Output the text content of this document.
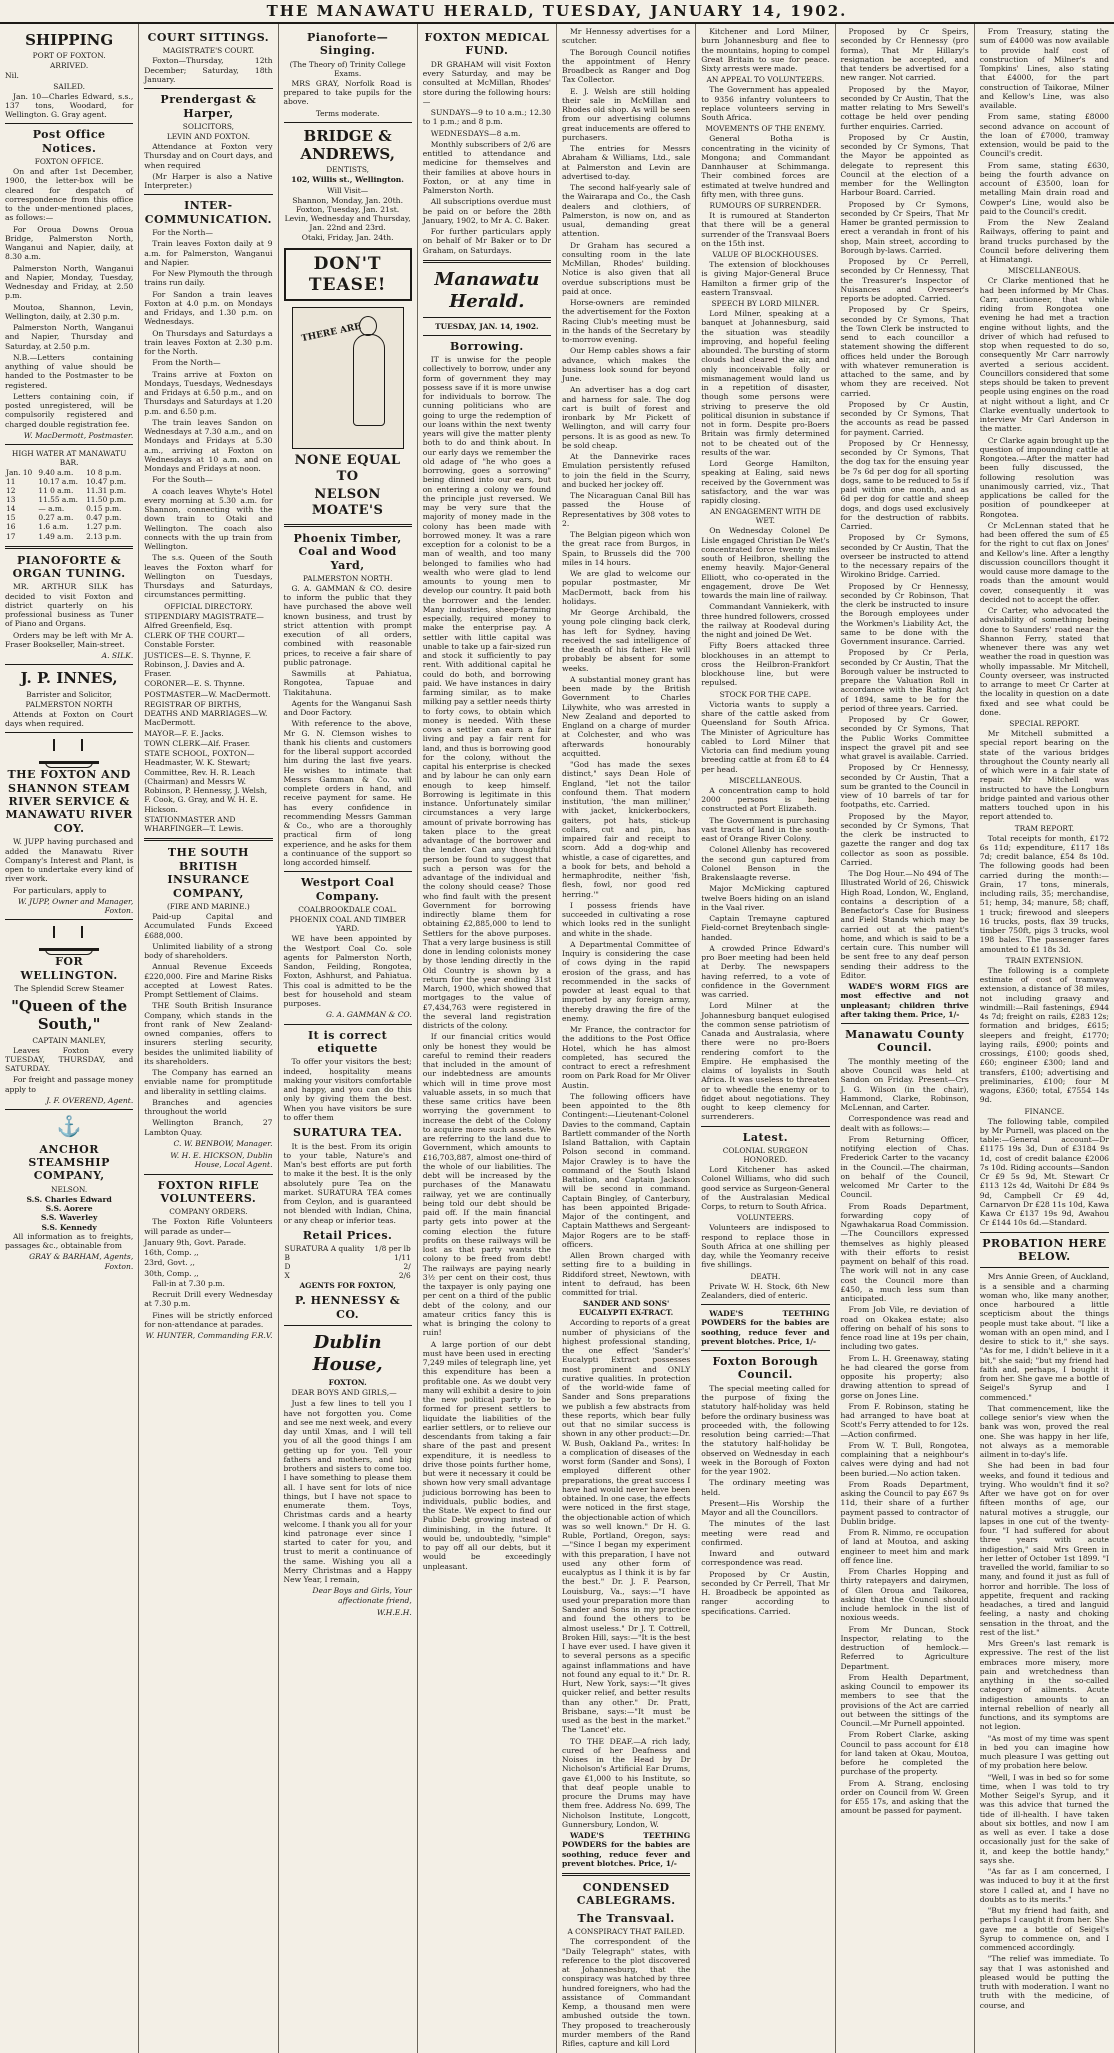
THE MANAWATU HERALD, TUESDAY, JANUARY 14, 1902.
SHIPPING
PORT OF FOXTON.
ARRIVED.
Nil.
SAILED.

Jan. 10—Charles Edward, s.s., 137 tons, Woodard, for Wellington. G. Gray agent.

Post Office Notices.
FOXTON OFFICE.

On and after 1st December, 1900, the letter-box will be cleared for despatch of correspondence from this office to the under-mentioned places, as follows:—

For Oroua Downs Oroua Bridge, Palmerston North, Wanganui and Napier, daily, at 8.30 a.m.

Palmerston North, Wanganui and Napier, Monday, Tuesday, Wednesday and Friday, at 2.50 p.m.

Moutoa, Shannon, Levin, Wellington, daily, at 2.30 p.m.

Palmerston North, Wanganui and Napier, Thursday and Saturday, at 2.50 p.m.

N.B.—Letters containing anything of value should be handed to the Postmaster to be registered.

Letters containing coin, if posted unregistered, will be compulsorily registered and charged double registration fee.

W. MacDermott, Postmaster.
HIGH WATER AT MANAWATU BAR.
Jan. 10	9.40 a.m.	10 8 p.m.
11	10.17 a.m.	10.47 p.m.
12	11 0 a.m.	11.31 p.m.
13	11.55 a.m.	11.50 p.m.
14	— a.m.	0.15 p.m.
15	0.27 a.m.	0.47 p.m.
16	1.6 a.m.	1.27 p.m.
17	1.49 a.m.	2.13 p.m.
PIANOFORTE & ORGAN TUNING.

MR. ARTHUR SILK has decided to visit Foxton and district quarterly on his professional business as Tuner of Piano and Organs.

Orders may be left with Mr A. Fraser Bookseller, Main-street.

A. SILK.
J. P. INNES,
Barrister and Solicitor,
PALMERSTON NORTH

Attends at Foxton on Court days when required.

THE FOXTON AND SHANNON STEAM RIVER SERVICE & MANAWATU RIVER COY.

W. JUPP having purchased and added the Manawatu River Company's Interest and Plant, is open to undertake every kind of river work.

For particulars, apply to

W. JUPP, Owner and Manager, Foxton.
FOR WELLINGTON.
The Splendid Screw Steamer
"Queen of the South,"
CAPTAIN MANLEY,

Leaves Foxton every TUESDAY, THURSDAY, and SATURDAY.

For freight and passage money apply to

J. F. OVEREND, Agent.
⚓
ANCHOR STEAMSHIP COMPANY,
NELSON.
S.S. Charles Edward
S.S. Aorere
S.S. Waverley
S.S. Kennedy

All information as to freights, passages &c., obtainable from

GRAY & BARHAM, Agents, Foxton.
COURT SITTINGS.
MAGISTRATE'S COURT.

Foxton—Thursday, 12th December; Saturday, 18th January.

Prendergast & Harper,
SOLICITORS,
LEVIN AND FOXTON.

Attendance at Foxton very Thursday and on Court days, and when required

(Mr Harper is also a Native Interpreter.)

INTER-COMMUNICATION.

For the North—

Train leaves Foxton daily at 9 a.m. for Palmerston, Wanganui and Napier.

For New Plymouth the through trains run daily.

For Sandon a train leaves Foxton at 4.0 p.m. on Mondays and Fridays, and 1.30 p.m. on Wednesdays.

On Thursdays and Saturdays a train leaves Foxton at 2.30 p.m. for the North.

From the North—

Trains arrive at Foxton on Mondays, Tuesdays, Wednesdays and Fridays at 6.50 p.m., and on Thursdays and Saturdays at 1.20 p.m. and 6.50 p.m.

The train leaves Sandon on Wednesdays at 7.30 a.m., and on Mondays and Fridays at 5.30 a.m., arriving at Foxton on Wednesdays at 10 a.m. and on Mondays and Fridays at noon.

For the South—

A coach leaves Whyte's Hotel every morning at 5.30 a.m. for Shannon, connecting with the down train to Otaki and Wellington. The coach also connects with the up train from Wellington.

The s.s. Queen of the South leaves the Foxton wharf for Wellington on Tuesdays, Thursdays and Saturdays, circumstances permitting.

OFFICIAL DIRECTORY.
STIPENDIARY MAGISTRATE—Alfred Greenfield, Esq.
CLERK OF THE COURT—Constable Forster.
JUSTICES—E. S. Thynne, F. Robinson, J. Davies and A. Fraser.
CORONER—E. S. Thynne.
POSTMASTER—W. MacDermott.
REGISTRAR OF BIRTHS, DEATHS AND MARRIAGES—W. MacDermott.
MAYOR—F. E. Jacks.
TOWN CLERK—Alf. Fraser.
STATE SCHOOL, FOXTON—Headmaster, W. K. Stewart; Committee, Rev. H. R. Leach (Chairman) and Messrs W. Robinson, P. Hennessy, J. Welsh, F. Cook, G. Gray, and W. H. E. Hickson.
STATIONMASTER AND WHARFINGER—T. Lewis.
THE SOUTH BRITISH INSURANCE COMPANY,
(FIRE AND MARINE.)

Paid-up Capital and Accumulated Funds Exceed £688,000.

Unlimited liability of a strong body of shareholders.

Annual Revenue Exceeds £220,000. Fire and Marine Risks accepted at Lowest Rates. Prompt Settlement of Claims.

THE South British Insurance Company, which stands in the front rank of New Zealand-owned companies, offers to insurers sterling security, besides the unlimited liability of its shareholders.

The Company has earned an enviable name for promptitude and liberality in settling claims.

Branches and agencies throughout the world

Wellington Branch, 27 Lambton Quay.

C. W. BENBOW, Manager.
W. H. E. HICKSON, Dublin House, Local Agent.
FOXTON RIFLE VOLUNTEERS.
COMPANY ORDERS.

The Foxton Rifle Volunteers will parade as under—

January 9th, Govt. Parade.
16th, Comp. ,,
23rd, Govt. ,,
30th, Comp. ,,

Fall-in at 7.30 p.m.

Recruit Drill every Wednesday at 7.30 p.m.

Fines will be strictly enforced for non-attendance at parades.

W. HUNTER, Commanding F.R.V.
Pianoforte—Singing.
(The Theory of) Trinity College Exams.

MRS GRAY, Norfolk Road is prepared to take pupils for the above.

Terms moderate.
BRIDGE & ANDREWS,
DENTISTS,
102, Willis st., Wellington.
Will Visit—
Shannon, Monday, Jan. 20th.
Foxton, Tuesday, Jan. 21st.
Levin, Wednesday and Thursday, Jan. 22nd and 23rd.
Otaki, Friday, Jan. 24th.
DON'T TEASE!
THERE ARE
NONE EQUAL TO
NELSON MOATE'S
Phoenix Timber, Coal and Wood Yard,
PALMERSTON NORTH.

G. A. GAMMAN & CO. desire to inform the public that they have purchased the above well known business, and trust by strict attention with prompt execution of all orders, combined with reasonable prices, to receive a fair share of public patronage.

Sawmills at Pahiatua, Rongotea, Tapuae and Tiakitahuna.

Agents for the Wanganui Sash and Door Factory.

With reference to the above, Mr G. N. Clemson wishes to thank his clients and customers for the liberal support accorded him during the last five years. He wishes to intimate that Messrs Gamman & Co. will complete orders in hand, and receive payment for same. He has every confidence in recommending Messrs Gamman & Co., who are a thoroughly practical firm of long experience, and he asks for them a continuance of the support so long accorded himself.

Westport Coal Company.
COALBROOKDALE COAL.
PHOENIX COAL AND TIMBER YARD.

WE have been appointed by the Westport Coal Co. sole agents for Palmerston North, Sandon, Feilding, Rongotea, Foxton, Ashhurst, and Pahiatua. This coal is admitted to be the best for household and steam purposes.

G. A. GAMMAN & CO.
It is correct etiquette

To offer your visitors the best; indeed, hospitality means making your visitors comfortable and happy, and you can do this only by giving them the best. When you have visitors be sure to offer them

SURATURA TEA.

It is the best. From its origin to your table, Nature's and Man's best efforts are put forth to make it the best. It is the only absolutely pure Tea on the market. SURATURA TEA comes from Ceylon, and is guaranteed not blended with Indian, China, or any cheap or inferior teas.

Retail Prices.
SURATURA A quality	1/8 per lb
B	1/11
D	2/
X	2/6
AGENTS FOR FOXTON,
P. HENNESSY & CO.
Dublin House,
FOXTON.

DEAR BOYS AND GIRLS,—

Just a few lines to tell you I have not forgotten you. Come and see me next week, and every day until Xmas, and I will tell you of all the good things I am getting up for you. Tell your fathers and mothers, and big brothers and sisters to come too. I have something to please them all. I have sent for lots of nice things, but I have not space to enumerate them. Toys, Christmas cards and a hearty welcome. I thank you all for your kind patronage ever since I started to cater for you, and trust to merit a continuance of the same. Wishing you all a Merry Christmas and a Happy New Year, I remain,

Dear Boys and Girls, Your affectionate friend,
W.H.E.H.
FOXTON MEDICAL FUND.

DR GRAHAM will visit Foxton every Saturday, and may be consulted at McMillan, Rhodes' store during the following hours:—

SUNDAYS—9 to 10 a.m.; 12.30 to 1 p.m.; and 8 p.m.

WEDNESDAYS—8 a.m.

Monthly subscribers of 2/6 are entitled to attendance and medicine for themselves and their families at above hours in Foxton, or at any time in Palmerston North.

All subscriptions overdue must be paid on or before the 28th January, 1902, to Mr A. C. Baker.

For further particulars apply on behalf of Mr Baker or to Dr Graham, on Saturdays.

Manawatu Herald.
TUESDAY, JAN. 14, 1902.
Borrowing.

IT is unwise for the people collectively to borrow, under any form of government they may possess save if it is more unwise for individuals to borrow. The cunning politicians who are going to urge the redemption of our loans within the next twenty years will give the matter plenty both to do and think about. In our early days we remember the old adage of "he who goes a borrowing, goes a sorrowing" being dinned into our ears, but on entering a colony we found the principle just reversed. We may be very sure that the majority of money made in the colony has been made with borrowed money. It was a rare exception for a colonist to be a man of wealth, and too many belonged to families who had wealth who were glad to lend amounts to young men to develop our country. It paid both the borrower and the lender. Many industries, sheep-farming especially, required money to make the enterprise pay. A settler with little capital was unable to take up a fair-sized run and stock it sufficiently to pay rent. With additional capital he could do both, and borrowing paid. We have instances in dairy farming similar, as to make milking pay a settler needs thirty to forty cows, to obtain which money is needed. With these cows a settler can earn a fair living and pay a fair rent for land, and thus is borrowing good for the colony, without the capital his enterprise is checked and by labour he can only earn enough to keep himself. Borrowing is legitimate in this instance. Unfortunately similar circumstances a very large amount of private borrowing has taken place to the great advantage of the borrower and the lender. Can any thoughtful person be found to suggest that such a person was for the advantage of the individual and the colony should cease? Those who find fault with the present Government for borrowing indirectly blame them for obtaining £2,885,000 to lend to Settlers for the above purposes. That a very large business is still done in lending colonists money by those lending directly in the Old Country is shown by a return for the year ending 31st March, 1900, which showed that mortgages to the value of £7,434,763 were registered in the several land registration districts of the colony.

If our financial critics would only be honest they would be careful to remind their readers that included in the amount of our indebtedness are amounts which will in time prove most valuable assets, in so much that these same critics have been worrying the government to increase the debt of the Colony to acquire more such assets. We are referring to the land due to Government, which amounts to £16,703,887, almost one-third of the whole of our liabilities. The debt will be increased by the purchases of the Manawatu railway, yet we are continually being told our debt should be paid off. If the main financial party gets into power at the coming election the future profits on these railways will be lost as that party wants the colony to be freed from debt! The railways are paying nearly 3½ per cent on their cost, thus the taxpayer is only paying one per cent on a third of the public debt of the colony, and our amateur critics fancy this is what is bringing the colony to ruin!

A large portion of our debt must have been used in erecting 7,249 miles of telegraph line, yet this expenditure has been a profitable one. As we doubt very many will exhibit a desire to join the new political party to be formed for present settlers to liquidate the liabilities of the earlier settlers, or to relieve our descendants from taking a fair share of the past and present expenditure, it is needless to drive those points further home, but were it necessary it could be shown how very small advantage judicious borrowing has been to individuals, public bodies, and the State. We expect to find our Public Debt growing instead of diminishing, in the future. It would be, undoubtedly, "simple" to pay off all our debts, but it would be exceedingly unpleasant.

Mr Hennessy advertises for a scutcher.

The Borough Council notifies the appointment of Henry Broadbeck as Ranger and Dog Tax Collector.

E. J. Welsh are still holding their sale in McMillan and Rhodes old shop. As will be seen from our advertising columns great inducements are offered to purchasers.

The entries for Messrs Abraham & Williams, Ltd., sale at Palmerston and Levin are advertised to-day.

The second half-yearly sale of the Wairarapa and Co., the Cash dealers and clothiers, of Palmerston, is now on, and as usual, demanding great attention.

Dr Graham has secured a consulting room in the late McMillan, Rhodes' building. Notice is also given that all overdue subscriptions must be paid at once.

Horse-owners are reminded the advertisement for the Foxton Racing Club's meeting must be in the hands of the Secretary by to-morrow evening.

Our Hemp cables shows a fair advance, which makes the business look sound for beyond June.

An advertiser has a dog cart and harness for sale. The dog cart is built of forest and ironbark by Mr Pickett of Wellington, and will carry four persons. It is as good as new. To be sold cheap.

At the Dannevirke races Emulation persistently refused to join the field in the Scurry, and bucked her jockey off.

The Nicaraguan Canal Bill has passed the House of Representatives by 308 votes to 2.

The Belgian pigeon which won the great race from Burgos, in Spain, to Brussels did the 700 miles in 14 hours.

We are glad to welcome our popular postmaster, Mr MacDermott, back from his holidays.

Mr George Archibald, the young pole clinging back clerk, has left for Sydney, having received the sad intelligence of the death of his father. He will probably be absent for some weeks.

A substantial money grant has been made by the British Government to Charles Lilywhite, who was arrested in New Zealand and deported to England on a charge of murder at Colchester, and who was afterwards honourably acquitted.

"God has made the sexes distinct," says Dean Hole of England, "let not the tailor confound them. That modern institution, 'the man milliner,' with jacket, knickerbockers, gaiters, pot hats, stick-up collars, cut and pin, has impaired fair and receipt to scorn. Add a dog-whip and whistle, a case of cigarettes, and a book for bets, and behold a hermaphrodite, neither 'fish, flesh, fowl, nor good red herring.'"

I possess friends have succeeded in cultivating a rose which looks red in the sunlight and white in the shade.

A Departmental Committee of Inquiry is considering the case of cows dying in the rapid erosion of the grass, and has recommended in the sacks of powder at least equal to that imported by any foreign army, thereby drawing the fire of the enemy.

Mr France, the contractor for the additions to the Post Office Hotel, which he has almost completed, has secured the contract to erect a refreshment room on Park Road for Mr Oliver Austin.

The following officers have been appointed to the 8th Contingent:—Lieutenant-Colonel Davies to the command, Captain Bartlett commander of the North Island Battalion, with Captain Polson second in command. Major Crawley is to have the command of the South Island Battalion, and Captain Jackson will be second in command. Captain Bingley, of Canterbury, has been appointed Brigade-Major of the contingent, and Captain Matthews and Sergeant-Major Rogers are to be staff-officers.

Allen Brown charged with setting fire to a building in Riddiford street, Newtown, with intent to defraud, has been committed for trial.

SANDER AND SONS' EUCALYPTI EX-TRACT.

According to reports of a great number of physicians of the highest professional standing, the one effect 'Sander's' Eucalypti Extract possesses most prominent and ONLY curative qualities. In protection of the world-wide fame of Sander and Sons preparations we publish a few abstracts from these reports, which bear fully out that no similar success is shown in any other product:—Dr. W. Bush, Oakland Pa., writes: In a complication of diseases of the worst form (Sander and Sons), I employed different other preparations, the great success I have had would never have been obtained. In one case, the effects were noticed in the first stage, the objectionable action of which was so well known." Dr H. G. Ruble, Portland, Oregon, says:—"Since I began my experiment with this preparation, I have not used any other form of eucalyptus as I think it is by far the best." Dr. J. F. Pearson, Louisburg, Va., says:—"I have used your preparation more than Sander and Sons in my practice and found the others to be almost useless." Dr J. T. Cottrell, Broken Hill, says:—"It is the best I have ever used. I have given it to several persons as a specific against inflammations and have not found any equal to it." Dr. R. Hurt, New York, says:—"It gives quicker relief, and better results than any other." Dr. Pratt, Brisbane, says:—"It must be used as the best in the market." The 'Lancet' etc.

TO THE DEAF.—A rich lady, cured of her Deafness and Noises in the Head by Dr Nicholson's Artificial Ear Drums, gave £1,000 to his Institute, so that deaf people unable to procure the Drums may have them free. Address No. 699, The Nicholson Institute, Longcott, Gunnersbury, London, W.

WADE'S TEETHING POWDERS for the babies are soothing, reduce fever and prevent blotches. Price, 1/-

CONDENSED CABLEGRAMS.
The Transvaal.
A CONSPIRACY THAT FAILED.

The correspondent of the "Daily Telegraph" states, with reference to the plot discovered at Johannesburg, that the conspiracy was hatched by three hundred foreigners, who had the assistance of Commandant Kemp, a thousand men were ambushed outside the town. They proposed to treacherously murder members of the Rand Rifles, capture and kill Lord

Kitchener and Lord Milner, burn Johannesburg and flee to the mountains, hoping to compel Great Britain to sue for peace. Sixty arrests were made.

AN APPEAL TO VOLUNTEERS.

The Government has appealed to 9356 infantry volunteers to replace volunteers serving in South Africa.

MOVEMENTS OF THE ENEMY.

General Botha is concentrating in the vicinity of Mongona; and Commandant Dannhauser at Schimmanga. Their combined forces are estimated at twelve hundred and fifty men, with three guns.

RUMOURS OF SURRENDER.

It is rumoured at Standerton that there will be a general surrender of the Transvaal Boers on the 15th inst.

VALUE OF BLOCKHOUSES.

The extension of blockhouses is giving Major-General Bruce Hamilton a firmer grip of the eastern Transvaal.

SPEECH BY LORD MILNER.

Lord Milner, speaking at a banquet at Johannesburg, said the situation was steadily improving, and hopeful feeling abounded. The bursting of storm clouds had cleared the air, and only inconceivable folly or mismanagement would land us in a repetition of disaster, though some persons were striving to preserve the old political disunion in substance if not in form. Despite pro-Boers Britain was firmly determined not to be cheated out of the results of the war.

Lord George Hamilton, speaking at Ealing, said news received by the Government was satisfactory, and the war was rapidly closing.

AN ENGAGEMENT WITH DE WET.

On Wednesday Colonel De Lisle engaged Christian De Wet's concentrated force twenty miles south of Heilbron, shelling the enemy heavily. Major-General Elliott, who co-operated in the engagement, drove De Wet towards the main line of railway.

Commandant Vanniekerk, with three hundred followers, crossed the railway at Roodeval during the night and joined De Wet.

Fifty Boers attacked three blockhouses in an attempt to cross the Heilbron-Frankfort blockhouse line, but were repulsed.

STOCK FOR THE CAPE.

Victoria wants to supply a share of the cattle asked from Queensland for South Africa. The Minister of Agriculture has cabled to Lord Milner that Victoria can find medium young breeding cattle at from £8 to £4 per head.

MISCELLANEOUS.

A concentration camp to hold 2000 persons is being constructed at Port Elizabeth.

The Government is purchasing vast tracts of land in the south-east of Orange River Colony.

Colonel Allenby has recovered the second gun captured from Colonel Benson in the Brakenslaagte reverse.

Major McMicking captured twelve Boers hiding on an island in the Vaal river.

Captain Tremayne captured Field-cornet Breytenbach single-handed.

A crowded Prince Edward's pro Boer meeting had been held at Derby. The newspapers having referred, to a vote of confidence in the Government was carried.

Lord Milner at the Johannesburg banquet eulogised the common sense patriotism of Canada and Australasia, where there were no pro-Boers rendering comfort to the Empire. He emphasised the claims of loyalists in South Africa. It was useless to threaten or to wheedle the enemy or to fidget about negotiations. They ought to keep clemency for surrenderers.

Latest.
COLONIAL SURGEON HONORED.

Lord Kitchener has asked Colonel Williams, who did such good service as Surgeon-General of the Australasian Medical Corps, to return to South Africa.

VOLUNTEERS.

Volunteers are indisposed to respond to replace those in South Africa at one shilling per day, while the Yeomanry receive five shillings.

DEATH.

Private W. H. Stock, 6th New Zealanders, died of enteric.

WADE'S TEETHING POWDERS for the babies are soothing, reduce fever and prevent blotches. Price, 1/-

Foxton Borough Council.

The special meeting called for the purpose of fixing the statutory half-holiday was held before the ordinary business was proceeded with, the following resolution being carried:—That the statutory half-holiday be observed on Wednesday in each week in the Borough of Foxton for the year 1902.

The ordinary meeting was held.

Present—His Worship the Mayor and all the Councillors.

The minutes of the last meeting were read and confirmed.

Inward and outward correspondence was read.

Proposed by Cr Austin, seconded by Cr Perrell, That Mr H. Broadbeck be appointed as ranger according to specifications. Carried.

Proposed by Cr Speirs, seconded by Cr Hennessy (pro forma), That Mr Hillary's resignation be accepted, and that tenders be advertised for a new ranger. Not carried.

Proposed by the Mayor, seconded by Cr Austin, That the matter relating to Mrs Sewell's cottage be held over pending further enquiries. Carried.

Proposed by Cr Austin, seconded by Cr Symons, That the Mayor be appointed as delegate to represent this Council at the election of a member for the Wellington Harbour Board. Carried.

Proposed by Cr Symons, seconded by Cr Speirs, That Mr Hamer be granted permission to erect a verandah in front of his shop, Main street, according to Borough by-laws. Carried.

Proposed by Cr Perrell, seconded by Cr Hennessy, That the Treasurer's Inspector of Nuisances and Overseer's reports be adopted. Carried.

Proposed by Cr Speirs, seconded by Cr Symons, That the Town Clerk be instructed to send to each councillor a statement showing the different offices held under the Borough with whatever remuneration is attached to the same, and by whom they are received. Not carried.

Proposed by Cr Austin, seconded by Cr Symons, That the accounts as read be passed for payment. Carried.

Proposed by Cr Hennessy, seconded by Cr Symons, That the dog tax for the ensuing year be 7s 6d per dog for all sporting dogs, same to be reduced to 5s if paid within one month, and as 6d per dog for cattle and sheep dogs, and dogs used exclusively for the destruction of rabbits. Carried.

Proposed by Cr Symons, seconded by Cr Austin, That the overseer be instructed to attend to the necessary repairs of the Wirokino Bridge. Carried.

Proposed by Cr Hennessy, seconded by Cr Robinson, That the clerk be instructed to insure the Borough employees under the Workmen's Liability Act, the same to be done with the Government insurance. Carried.

Proposed by Cr Perla, seconded by Cr Austin, That the Borough valuer be instructed to prepare the Valuation Roll in accordance with the Rating Act of 1894, same to be for the period of three years. Carried.

Proposed by Cr Gower, seconded by Cr Symons, That the Public Works Committee inspect the gravel pit and see what gravel is available. Carried.

Proposed by Cr Hennessy, seconded by Cr Austin, That a sum be granted to the Council in view of 10 barrels of tar for footpaths, etc. Carried.

Proposed by the Mayor, seconded by Cr Symons, That the clerk be instructed to gazette the ranger and dog tax collector as soon as possible. Carried.

The Dog Hour.—No 494 of The Illustrated World of 26, Chiswick High Road, London, W., England, contains a description of a Benefactor's Case for Business and Field Stands which may be carried out at the patient's home, and which is said to be a certain cure. This number will be sent free to any deaf person sending their address to the Editor.

WADE'S WORM FIGS are most effective and not unpleasant; children thrive after taking them. Price, 1/-

Manawatu County Council.

The monthly meeting of the above Council was held at Sandon on Friday. Present—Crs J. G. Wilson (in the chair), Hammond, Clarke, Robinson, McLennan, and Carter.

Correspondence was read and dealt with as follows:—

From Returning Officer, notifying election of Chas. Frederick Carter to the vacancy in the Council.—The chairman, on behalf of the Council, welcomed Mr Carter to the Council.

From Roads Department, forwarding copy of Ngawhakarua Road Commission.—The Councillors expressed themselves as highly pleased with their efforts to resist payment on behalf of this road. The work will not in any case cost the Council more than £450, a much less sum than anticipated.

From Job Vile, re deviation of road on Okakea estate; also offering on behalf of his sons to fence road line at 19s per chain, including two gates.

From L. H. Greenaway, stating he had cleared the gorse from opposite his property; also drawing attention to spread of gorse on Jones Line.

From F. Robinson, stating he had arranged to have boat at Scott's Ferry attended to for 12s.—Action confirmed.

From W. T. Bull, Rongotea, complaining that a neighbour's calves were dying and had not been buried.—No action taken.

From Roads Department, asking the Council to pay £67 9s 11d, their share of a further payment passed to contractor of Dublin bridge.

From R. Nimmo, re occupation of land at Moutoa, and asking engineer to meet him and mark off fence line.

From Charles Hopping and thirty ratepayers and dairymen, of Glen Oroua and Taikorea, asking that the Council should include hemlock in the list of noxious weeds.

From Mr Duncan, Stock Inspector, relating to the destruction of hemlock.—Referred to Agriculture Department.

From Health Department, asking Council to empower its members to see that the provisions of the Act are carried out between the sittings of the Council.—Mr Purnell appointed.

From Robert Clarke, asking Council to pass account for £18 for land taken at Okau, Moutoa, before he completed the purchase of the property.

From A. Strang, enclosing order on Council from W. Green for £55 17s, and asking that the amount be passed for payment.

From Treasury, stating the sum of £4000 was now available to provide half cost of construction of Milner's and Tompkins' Lines, also stating that £4000, for the part construction of Taikorae, Milner and Kellow's Line, was also available.

From same, stating £8000 second advance on account of the loan of £7000, tramway extension, would be paid to the Council's credit.

From same, stating £630, being the fourth advance on account of £3500, loan for metalling Main drain road and Cowper's Line, would also be paid to the Council's credit.

From the New Zealand Railways, offering to paint and brand trucks purchased by the Council before delivering them at Himatangi.

MISCELLANEOUS.

Cr Clarke mentioned that he had been informed by Mr Chas. Carr, auctioneer, that while riding from Rongotea one evening he had met a traction engine without lights, and the driver of which had refused to stop when requested to do so, consequently Mr Carr narrowly averted a serious accident. Councillors considered that some steps should be taken to prevent people using engines on the road at night without a light, and Cr Clarke eventually undertook to interview Mr Carl Anderson in the matter.

Cr Clarke again brought up the question of impounding cattle at Rongotea.—After the matter had been fully discussed, the following resolution was unanimously carried, viz., That applications be called for the position of poundkeeper at Rongotea.

Cr McLennan stated that he had been offered the sum of £5 for the right to cut flax on Jones' and Kellow's line. After a lengthy discussion councillors thought it would cause more damage to the roads than the amount would cover, consequently it was decided not to accept the offer.

Cr Carter, who advocated the advisability of something being done to Saunders' road near the Shannon Ferry, stated that whenever there was any wet weather the road in question was wholly impassable. Mr Mitchell, County overseer, was instructed to arrange to meet Cr Carter at the locality in question on a date fixed and see what could be done.

SPECIAL REPORT.

Mr Mitchell submitted a special report bearing on the state of the various bridges throughout the County nearly all of which were in a fair state of repair. Mr Mitchell was instructed to have the Longburn bridge painted and various other matters touched upon in his report attended to.

TRAM REPORT.

Total receipts for month, £172 6s 11d; expenditure, £117 18s 7d; credit balance, £54 8s 10d. The following goods had been carried during the month:—Grain, 17 tons, minerals, including rails, 35; merchandise, 51; hemp, 34; manure, 58; chaff, 1 truck; firewood and sleepers 16 trucks, posts, flax 39 trucks, timber 750ft, pigs 3 trucks, wool 198 bales. The passenger fares amounted to £1 18s 3d.

TRAIN EXTENSION.

The following is a complete estimate of cost of tramway extension, a distance of 38 miles, not including graavy and windmill:—Rail fastenings, £944 4s 7d; freight on rails, £283 12s; formation and bridges, £615; sleepers and freight, £1770; laying rails, £900; points and crossings, £100; goods shed, £60; engineer £300; land and transfers, £100; advertising and preliminaries, £100; four M wagons, £360; total, £7554 14s 9d.

FINANCE.

The following table, compiled by Mr Purnell, was placed on the table:—General account—Dr £1175 19s 3d, Dun of £3184 9s 1d, cost of credit balance £2006 7s 10d. Riding accounts—Sandon Cr £9 5s 9d, Mt. Stewart Cr £113 12s 4d, Waitohi Dr £84 9s 9d, Campbell Cr £9 4d, Carnarvon Dr £28 11s 10d, Kawa Kawa Cr £137 19s 9d, Awahou Cr £144 10s 6d.—Standard.

PROBATION HERE BELOW.

Mrs Annie Green, of Auckland, is a sensible and a charming woman who, like many another, once harboured a little scepticism about the things people must take about. "I like a woman with an open mind, and I desire to stick to it," she says. "As for me, I didn't believe in it a bit," she said; "but my friend had faith and, perhaps, I bought it from her. She gave me a bottle of Seigel's Syrup and I commenced."

That commencement, like the college senior's view when the bank was won, proved the real one. She was happy in her life, not always as a memorable ailment in to-day's life.

She had been in bad four weeks, and found it tedious and trying. Who wouldn't find it so? After we have got on for over fifteen months of age, our natural motives a struggle, our lapses in one cut of the twenty-four. "I had suffered for about three years with acute indigestion," said Mrs Green in her letter of October 1st 1899. "I travelled the world, familiar to so many, and found it just as full of horror and horrible. The loss of appetite, frequent and racking headaches, a tired and languid feeling, a nasty and choking sensation in the throat, and the rest of the list."

Mrs Green's last remark is expressive. The rest of the list embraces more misery, more pain and wretchedness than anything in the so-called category of ailments. Acute indigestion amounts to an internal rebellion of nearly all functions, and its symptoms are not legion.

"As most of my time was spent in bed you can imagine how much pleasure I was getting out of my probation here below.

"Well, I was in bed so for some time, when I was told to try Mother Seigel's Syrup, and it was this advice that turned the tide of ill-health. I have taken about six bottles, and now I am as well as ever. I take a dose occasionally just for the sake of it, and keep the bottle handy," says she.

"As far as I am concerned, I was induced to buy it at the first store I called at, and I have no doubts as to its merits."

"But my friend had faith, and perhaps I caught it from her. She gave me a bottle of Seigel's Syrup to commence on, and I commenced accordingly.

"The relief was immediate. To say that I was astonished and pleased would be putting the truth with moderation. I want no truth with the medicine, of course, and
